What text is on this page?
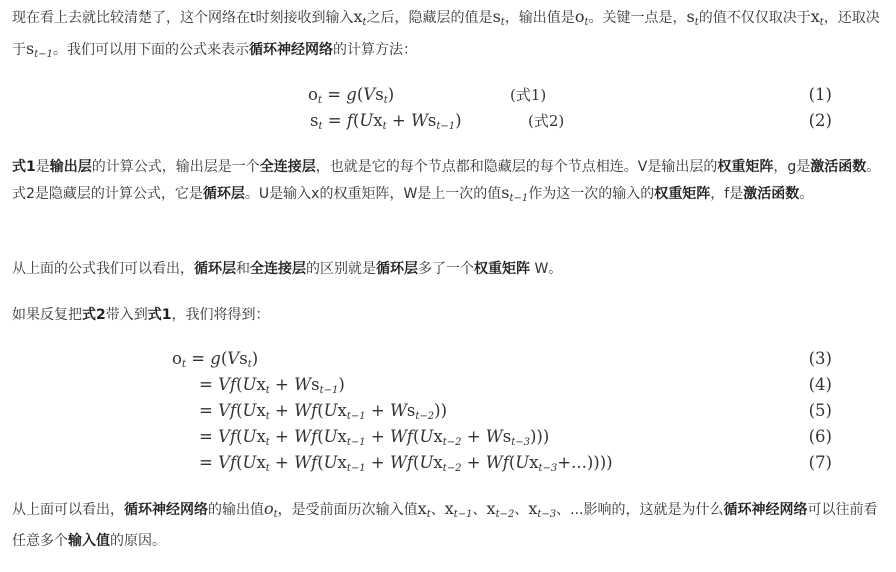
现在看上去就比较清楚了，这个网络在t时刻接收到输入$x_t$之后，隐藏层的值是$s_t$，输出值是$o_t$。关键一点是，$s_t$的值不仅仅取决于$x_t$，还取决于$s_{t-1}$。我们可以用下面的公式来表示循环神经网络的计算方法：

$o_t = g(Vs_t)$	(式1)	(1)
$s_t = f(Ux_t + Ws_{t-1})$	(式2)	(2)

式1是输出层的计算公式，输出层是一个全连接层，也就是它的每个节点都和隐藏层的每个节点相连。V是输出层的权重矩阵，g是激活函数。式2是隐藏层的计算公式，它是循环层。U是输入x的权重矩阵，W是上一次的值$s_{t-1}$作为这一次的输入的权重矩阵，f是激活函数。

从上面的公式我们可以看出，循环层和全连接层的区别就是循环层多了一个权重矩阵 W。

如果反复把式2带入到式1，我们将得到：

$o_t = g(Vs_t)$	(3)
= $Vf(Ux_t + Ws_{t-1})$	(4)
= $Vf(Ux_t + Wf(Ux_{t-1} + Ws_{t-2}))$	(5)
= $Vf(Ux_t + Wf(Ux_{t-1} + Wf(Ux_{t-2} + Ws_{t-3})))$	(6)
= $Vf(Ux_t + Wf(Ux_{t-1} + Wf(Ux_{t-2} + Wf(Ux_{t-3}+...))))$	(7)

从上面可以看出，循环神经网络的输出值$o_t$，是受前面历次输入值$x_t$、$x_{t-1}$、$x_{t-2}$、$x_{t-3}$、...影响的，这就是为什么循环神经网络可以往前看任意多个输入值的原因。
